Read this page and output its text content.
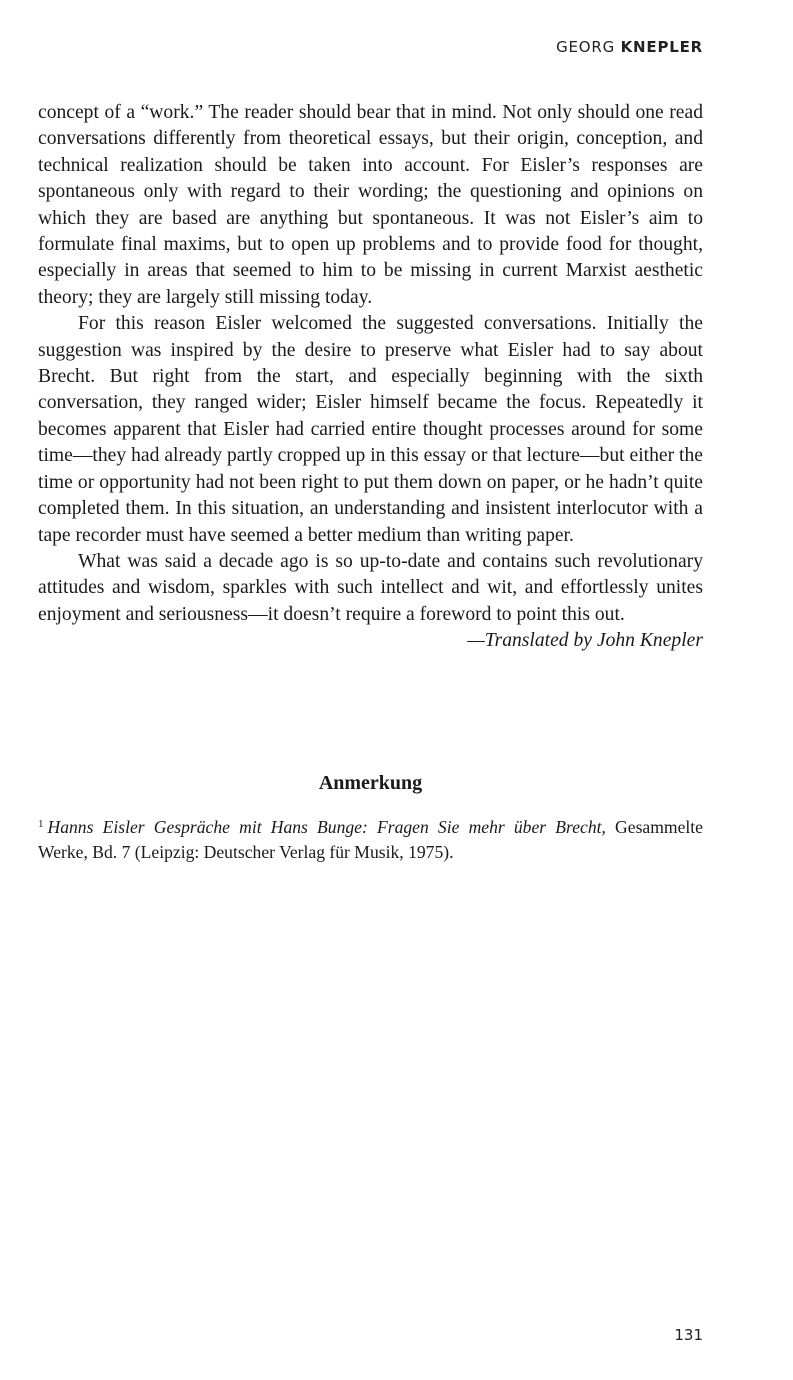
GEORG KNEPLER

concept of a “work.” The reader should bear that in mind. Not only should one read conversations differently from theoretical essays, but their origin, conception, and technical realization should be taken into account. For Eisler’s responses are spontaneous only with regard to their wording; the questioning and opinions on which they are based are anything but spontaneous. It was not Eisler’s aim to formulate final maxims, but to open up problems and to provide food for thought, especially in areas that seemed to him to be missing in current Marxist aesthetic theory; they are largely still missing today.

For this reason Eisler welcomed the suggested conversations. Initially the suggestion was inspired by the desire to preserve what Eisler had to say about Brecht. But right from the start, and especially beginning with the sixth conversation, they ranged wider; Eisler himself became the focus. Repeatedly it becomes apparent that Eisler had carried entire thought processes around for some time—they had already partly cropped up in this essay or that lecture—but either the time or opportunity had not been right to put them down on paper, or he hadn’t quite completed them. In this situation, an understanding and insistent interlocutor with a tape recorder must have seemed a better medium than writing paper.

What was said a decade ago is so up-to-date and contains such revolutionary attitudes and wisdom, sparkles with such intellect and wit, and effortlessly unites enjoyment and seriousness—it doesn’t require a foreword to point this out.

—Translated by John Knepler

Anmerkung

$^1$ Hanns Eisler Gespräche mit Hans Bunge: Fragen Sie mehr über Brecht, Gesammelte Werke, Bd. 7 (Leipzig: Deutscher Verlag für Musik, 1975).

131
